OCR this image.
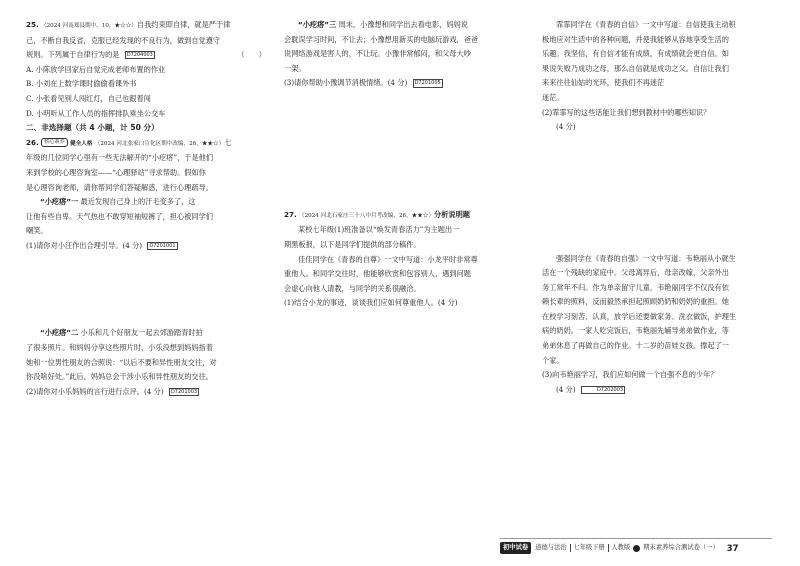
25. （2024 河南郑县期中，10，★☆☆）自我约束即自律，就是严于律

己，不断自我反省，克服已经发现的不良行为，做到自觉遵守

规则。下列属于自律行为的是 D7204003	（　　）

A. 小陈放学回家后自觉完成老师布置的作业

B. 小刘在上数学课时偷偷看课外书

C. 小张看见别人闯红灯，自己也跟着闯

D. 小明听从工作人员的指挥排队乘坐公交车

二、非选择题（共 4 小题，计 50 分）

26. 核心素养 健全人格 （2024 河北张家口宣化区期中改编，26，★★☆）七

年级的几位同学心里有一些无法解开的“小疙瘩”，于是他们

来到学校的心理咨询室——“心理驿站”寻求帮助。假如你

是心理咨询老师，请你帮同学们答疑解惑，进行心理疏导。

“小疙瘩”一 最近发现自己身上的汗毛变多了，这

让他有些自卑。天气热也不敢穿短袖短裤了，担心被同学们

嘲笑。

(1)请你对小汪作出合理引导。(4 分) D7201001

“小疙瘩”二 小乐和几个好朋友一起去郊游踏青时拍

了很多照片。和妈妈分享这些照片时，小乐没想到妈妈指着

她和一位男性朋友的合照说：“以后不要和异性朋友交往，对

你没啥好处。”此后，妈妈总会干涉小乐和异性朋友的交往。

(2)请你对小乐妈妈的言行进行点评。(4 分) D7201003

“小疙瘩”三 周末，小豫想和同学出去看电影，妈妈说

会耽误学习时间，不让去；小豫想用新买的电脑玩游戏，爸爸

说网络游戏是害人的，不让玩。小豫非常郁闷，和父母大吵

一架。

(3)请你帮助小豫调节消极情绪。(4 分) D7201005

27. （2024 河北石家庄三十八中月考改编，26，★★☆）分析说明题

某校七年级(1)班准备以“焕发青春活力”为主题出一

期黑板报，以下是同学们提供的部分稿件。

佳佳同学在《青春的自尊》一文中写道：小龙平时非常尊

重他人。和同学交往时，他能够欣赏和包容别人，遇到问题

会虚心向他人请教，与同学的关系很融洽。

(1)结合小龙的事迹，谈谈我们应如何尊重他人。(4 分)

霏霏同学在《青春的自信》一文中写道：自信使我主动积

极地应对生活中的各种问题，并使我能够从容地享受生活的

乐趣。我坚信，有自信才能有成绩，有成绩就会更自信。如

果说失败乃成功之母，那么自信就是成功之父。自信让我们

来来往往仙姑的光环，使我们不再迷茫

迷茫。

(2)霏霏写的这些话能让我们想到教材中的哪些知识？

(4 分)

强强同学在《青春的自强》一文中写道：韦艳丽从小就生

活在一个残缺的家庭中。父母离异后，母亲改嫁，父亲外出

务工常年不归。作为单亲留守儿童，韦艳丽同学不仅没有依

赖长辈的照料，反而毅然承担起照顾奶奶和奶奶的重担。她

在校学习刻苦、认真，放学后还要做家务、洗衣做饭，护理生

病的奶奶。一家人吃完饭后，韦艳丽先辅导弟弟做作业，等

弟弟休息了再做自己的作业。十二岁的苗娃女孩，撑起了一

个家。

(3)向韦艳丽学习，我们应如何做一个自强不息的少年？

(4 分)	D7202003

初中试卷	道德与法治 七年级下册 人教版 期末素养综合测试卷（一） 37
